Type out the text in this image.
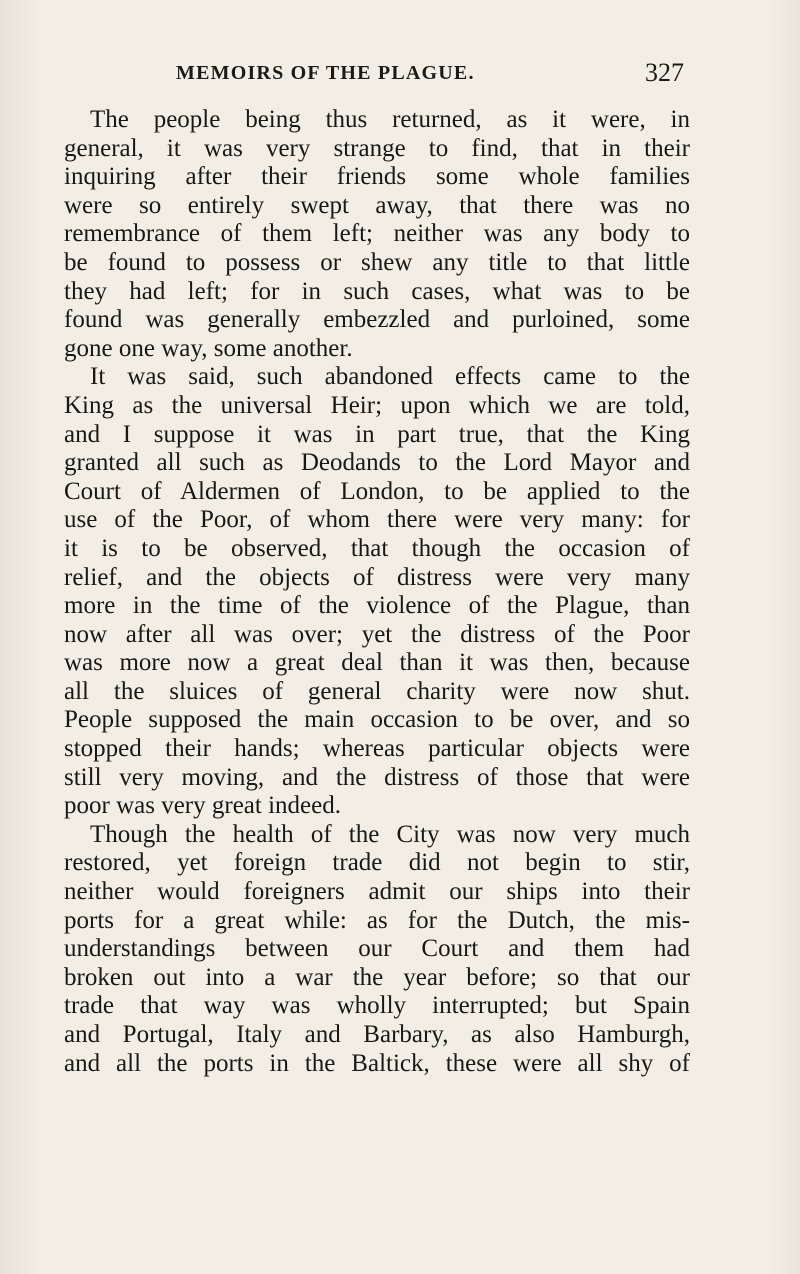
MEMOIRS OF THE PLAGUE.	327
The people being thus returned, as it were, in
general, it was very strange to find, that in their
inquiring after their friends some whole families
were so entirely swept away, that there was no
remembrance of them left; neither was any body to
be found to possess or shew any title to that little
they had left; for in such cases, what was to be
found was generally embezzled and purloined, some
gone one way, some another.
It was said, such abandoned effects came to the
King as the universal Heir; upon which we are told,
and I suppose it was in part true, that the King
granted all such as Deodands to the Lord Mayor and
Court of Aldermen of London, to be applied to the
use of the Poor, of whom there were very many: for
it is to be observed, that though the occasion of
relief, and the objects of distress were very many
more in the time of the violence of the Plague, than
now after all was over; yet the distress of the Poor
was more now a great deal than it was then, because
all the sluices of general charity were now shut.
People supposed the main occasion to be over, and so
stopped their hands; whereas particular objects were
still very moving, and the distress of those that were
poor was very great indeed.
Though the health of the City was now very much
restored, yet foreign trade did not begin to stir,
neither would foreigners admit our ships into their
ports for a great while: as for the Dutch, the mis-
understandings between our Court and them had
broken out into a war the year before; so that our
trade that way was wholly interrupted; but Spain
and Portugal, Italy and Barbary, as also Hamburgh,
and all the ports in the Baltick, these were all shy of
